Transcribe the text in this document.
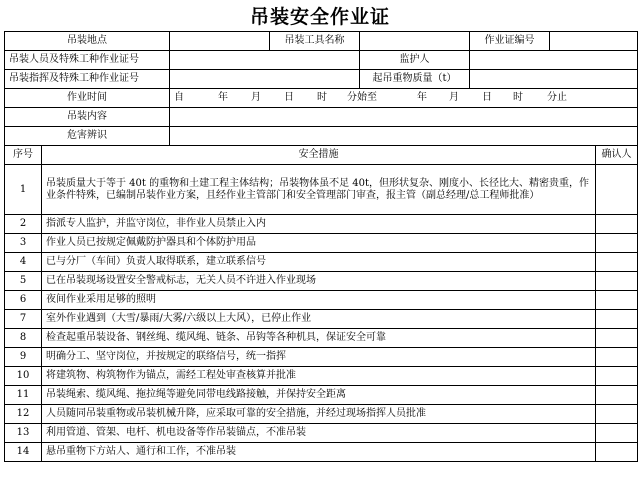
吊装安全作业证
吊装地点			吊装工具名称		作业证编号		
吊装人员及特殊工种作业证号				监护人			
吊装指挥及特殊工种作业证号				起吊重物质量（t）			
作业时间		自 年 月 日 时 分始至 年 月 日 时 分止					
吊装内容							
危害辨识							
序号	安全措施						确认人
1	吊装质量大于等于 40t 的重物和土建工程主体结构；吊装物体虽不足 40t，但形状复杂、刚度小、长径比大、精密贵重，作业条件特殊，已编制吊装作业方案，且经作业主管部门和安全管理部门审查，报主管（副总经理/总工程师批准）						
2	指派专人监护，并监守岗位，非作业人员禁止入内						
3	作业人员已按规定佩戴防护器具和个体防护用品						
4	已与分厂（车间）负责人取得联系，建立联系信号						
5	已在吊装现场设置安全警戒标志，无关人员不许进入作业现场						
6	夜间作业采用足够的照明						
7	室外作业遇到（大雪/暴雨/大雾/六级以上大风），已停止作业						
8	检查起重吊装设备、钢丝绳、缆风绳、链条、吊钩等各种机具，保证安全可靠						
9	明确分工、坚守岗位，并按规定的联络信号，统一指挥						
10	将建筑物、构筑物作为锚点，需经工程处审查核算并批准						
11	吊装绳索、缆风绳、拖拉绳等避免同带电线路接触，并保持安全距离						
12	人员随同吊装重物或吊装机械升降，应采取可靠的安全措施，并经过现场指挥人员批准						
13	利用管道、管架、电杆、机电设备等作吊装锚点，不准吊装						
14	悬吊重物下方站人、通行和工作，不准吊装						
